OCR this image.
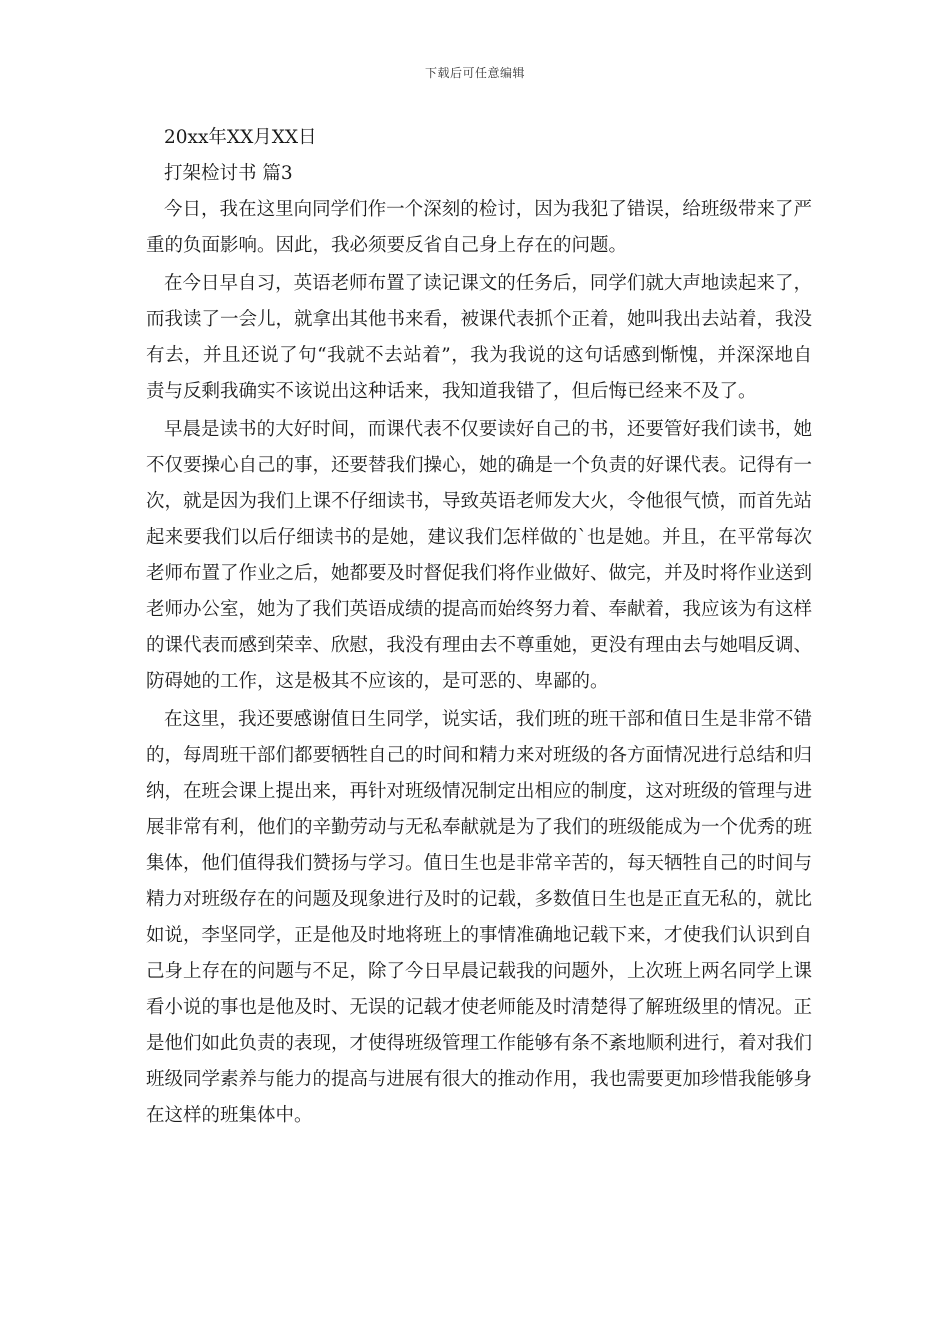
下载后可任意编辑

20xx年XX月XX日

打架检讨书 篇3

今日，我在这里向同学们作一个深刻的检讨，因为我犯了错误，给班级带来了严重的负面影响。因此，我必须要反省自己身上存在的问题。

在今日早自习，英语老师布置了读记课文的任务后，同学们就大声地读起来了，而我读了一会儿，就拿出其他书来看，被课代表抓个正着，她叫我出去站着，我没有去，并且还说了句“我就不去站着”，我为我说的这句话感到惭愧，并深深地自责与反剩我确实不该说出这种话来，我知道我错了，但后悔已经来不及了。

早晨是读书的大好时间，而课代表不仅要读好自己的书，还要管好我们读书，她不仅要操心自己的事，还要替我们操心，她的确是一个负责的好课代表。记得有一次，就是因为我们上课不仔细读书，导致英语老师发大火，令他很气愤，而首先站起来要我们以后仔细读书的是她，建议我们怎样做的`也是她。并且，在平常每次老师布置了作业之后，她都要及时督促我们将作业做好、做完，并及时将作业送到老师办公室，她为了我们英语成绩的提高而始终努力着、奉献着，我应该为有这样的课代表而感到荣幸、欣慰，我没有理由去不尊重她，更没有理由去与她唱反调、防碍她的工作，这是极其不应该的，是可恶的、卑鄙的。

在这里，我还要感谢值日生同学，说实话，我们班的班干部和值日生是非常不错的，每周班干部们都要牺牲自己的时间和精力来对班级的各方面情况进行总结和归纳，在班会课上提出来，再针对班级情况制定出相应的制度，这对班级的管理与进展非常有利，他们的辛勤劳动与无私奉献就是为了我们的班级能成为一个优秀的班集体，他们值得我们赞扬与学习。值日生也是非常辛苦的，每天牺牲自己的时间与精力对班级存在的问题及现象进行及时的记载，多数值日生也是正直无私的，就比如说，李坚同学，正是他及时地将班上的事情准确地记载下来，才使我们认识到自己身上存在的问题与不足，除了今日早晨记载我的问题外，上次班上两名同学上课看小说的事也是他及时、无误的记载才使老师能及时清楚得了解班级里的情况。正是他们如此负责的表现，才使得班级管理工作能够有条不紊地顺利进行，着对我们班级同学素养与能力的提高与进展有很大的推动作用，我也需要更加珍惜我能够身在这样的班集体中。
